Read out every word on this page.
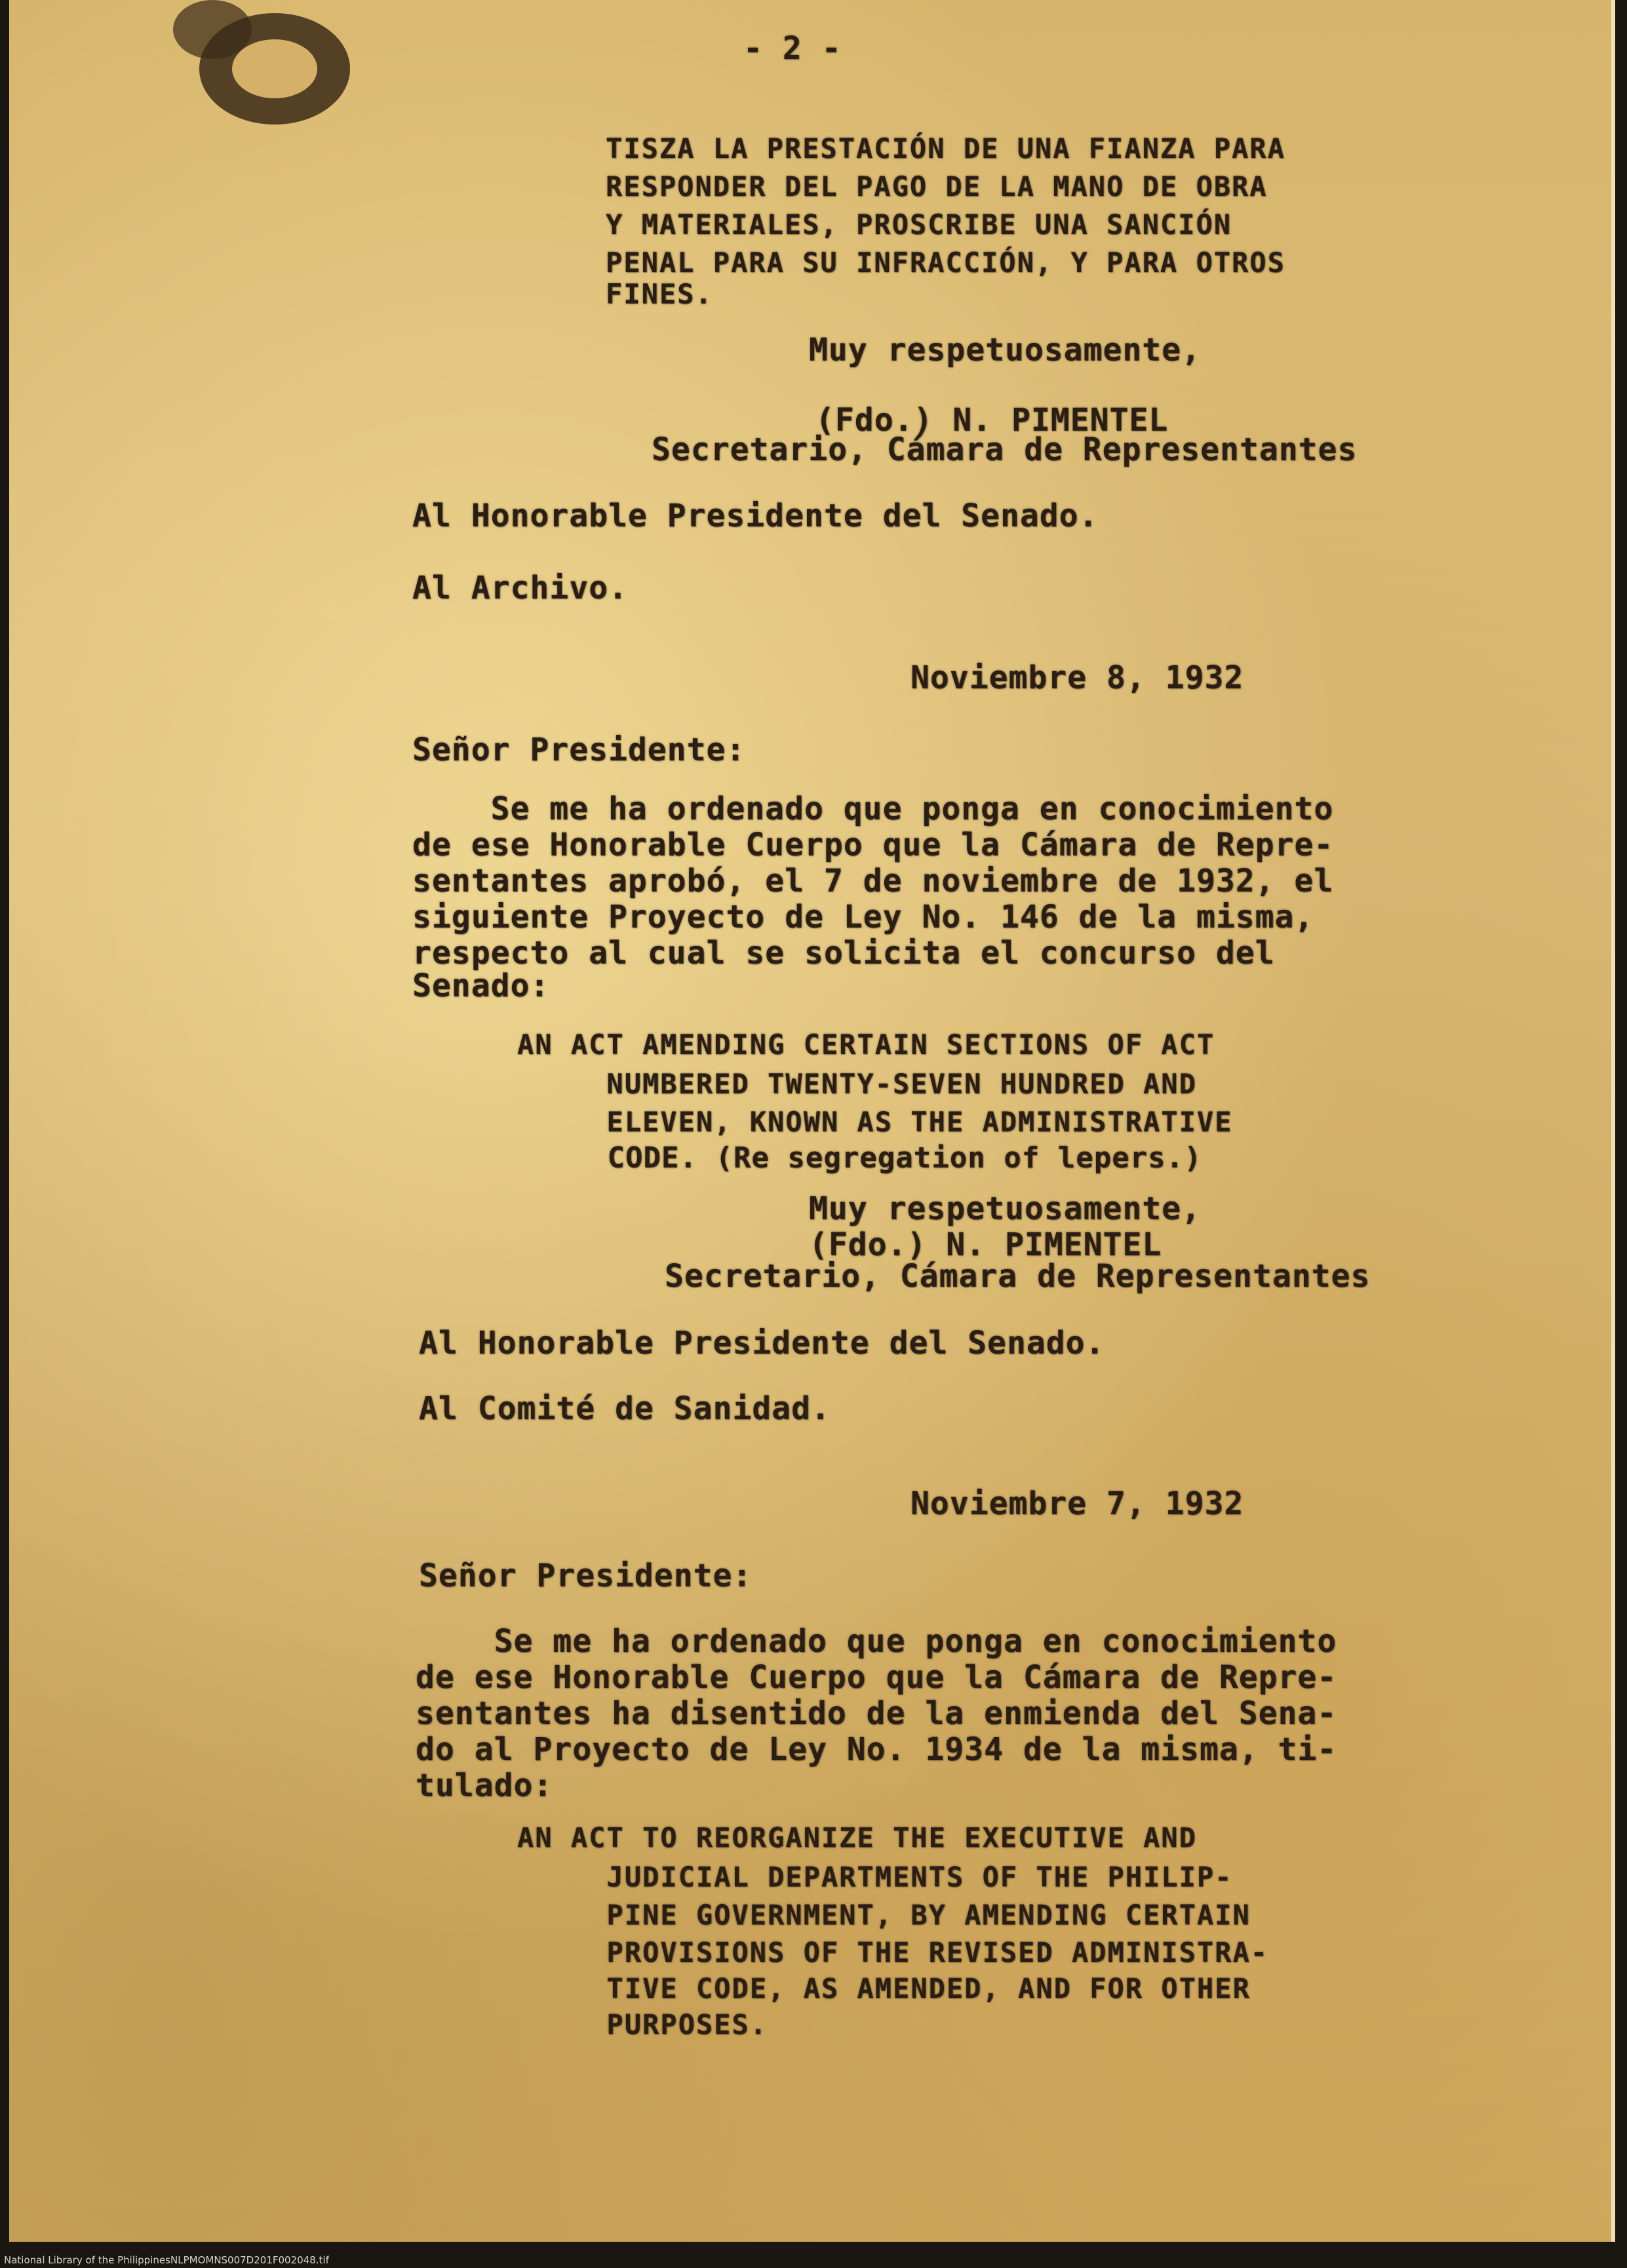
- 2 -

TISZA LA PRESTACIÓN DE UNA FIANZA PARA

RESPONDER DEL PAGO DE LA MANO DE OBRA

Y MATERIALES, PROSCRIBE UNA SANCIÓN

PENAL PARA SU INFRACCIÓN, Y PARA OTROS

FINES.

Muy respetuosamente,

(Fdo.) N. PIMENTEL

Secretario, Cámara de Representantes

Al Honorable Presidente del Senado.

Al Archivo.

Noviembre 8, 1932

Señor Presidente:

Se me ha ordenado que ponga en conocimiento

de ese Honorable Cuerpo que la Cámara de Repre-

sentantes aprobó, el 7 de noviembre de 1932, el

siguiente Proyecto de Ley No. 146 de la misma,

respecto al cual se solicita el concurso del

Senado:

AN ACT AMENDING CERTAIN SECTIONS OF ACT

NUMBERED TWENTY-SEVEN HUNDRED AND

ELEVEN, KNOWN AS THE ADMINISTRATIVE

CODE. (Re segregation of lepers.)

Muy respetuosamente,

(Fdo.) N. PIMENTEL

Secretario, Cámara de Representantes

Al Honorable Presidente del Senado.

Al Comité de Sanidad.

Noviembre 7, 1932

Señor Presidente:

Se me ha ordenado que ponga en conocimiento

de ese Honorable Cuerpo que la Cámara de Repre-

sentantes ha disentido de la enmienda del Sena-

do al Proyecto de Ley No. 1934 de la misma, ti-

tulado:

AN ACT TO REORGANIZE THE EXECUTIVE AND

JUDICIAL DEPARTMENTS OF THE PHILIP-

PINE GOVERNMENT, BY AMENDING CERTAIN

PROVISIONS OF THE REVISED ADMINISTRA-

TIVE CODE, AS AMENDED, AND FOR OTHER

PURPOSES.

National Library of the Philippines NLPMOMNS007D201F002048.tif
